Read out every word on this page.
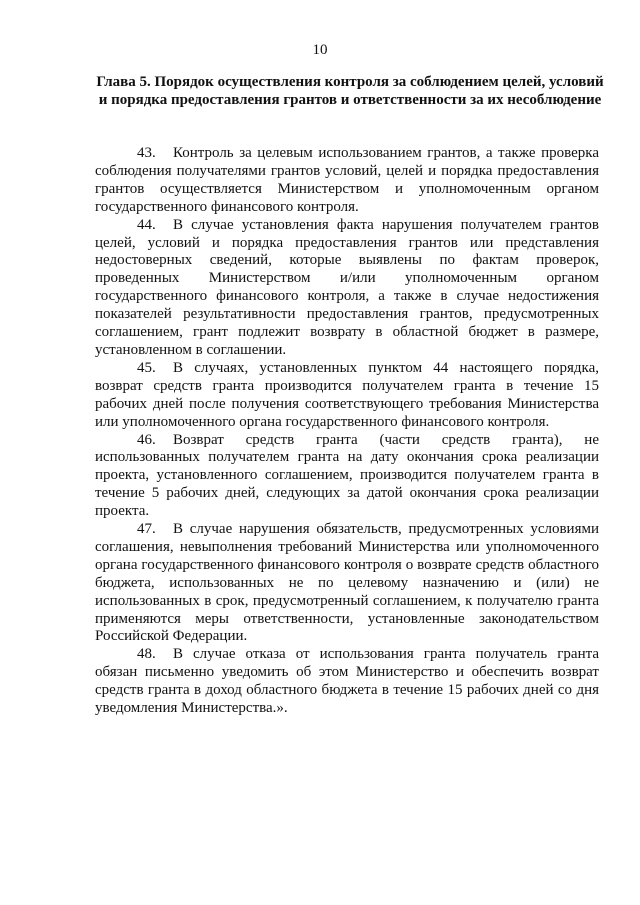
10
Глава 5. Порядок осуществления контроля за соблюдением целей, условий и порядка предоставления грантов и ответственности за их несоблюдение

43. Контроль за целевым использованием грантов, а также проверка соблюдения получателями грантов условий, целей и порядка предоставления грантов осуществляется Министерством и уполномоченным органом государственного финансового контроля.

44. В случае установления факта нарушения получателем грантов целей, условий и порядка предоставления грантов или представления недостоверных сведений, которые выявлены по фактам проверок, проведенных Министерством и/или уполномоченным органом государственного финансового контроля, а также в случае недостижения показателей результативности предоставления грантов, предусмотренных соглашением, грант подлежит возврату в областной бюджет в размере, установленном в соглашении.

45. В случаях, установленных пунктом 44 настоящего порядка, возврат средств гранта производится получателем гранта в течение 15 рабочих дней после получения соответствующего требования Министерства или уполномоченного органа государственного финансового контроля.

46. Возврат средств гранта (части средств гранта), не использованных получателем гранта на дату окончания срока реализации проекта, установленного соглашением, производится получателем гранта в течение 5 рабочих дней, следующих за датой окончания срока реализации проекта.

47. В случае нарушения обязательств, предусмотренных условиями соглашения, невыполнения требований Министерства или уполномоченного органа государственного финансового контроля о возврате средств областного бюджета, использованных не по целевому назначению и (или) не использованных в срок, предусмотренный соглашением, к получателю гранта применяются меры ответственности, установленные законодательством Российской Федерации.

48. В случае отказа от использования гранта получатель гранта обязан письменно уведомить об этом Министерство и обеспечить возврат средств гранта в доход областного бюджета в течение 15 рабочих дней со дня уведомления Министерства.».
